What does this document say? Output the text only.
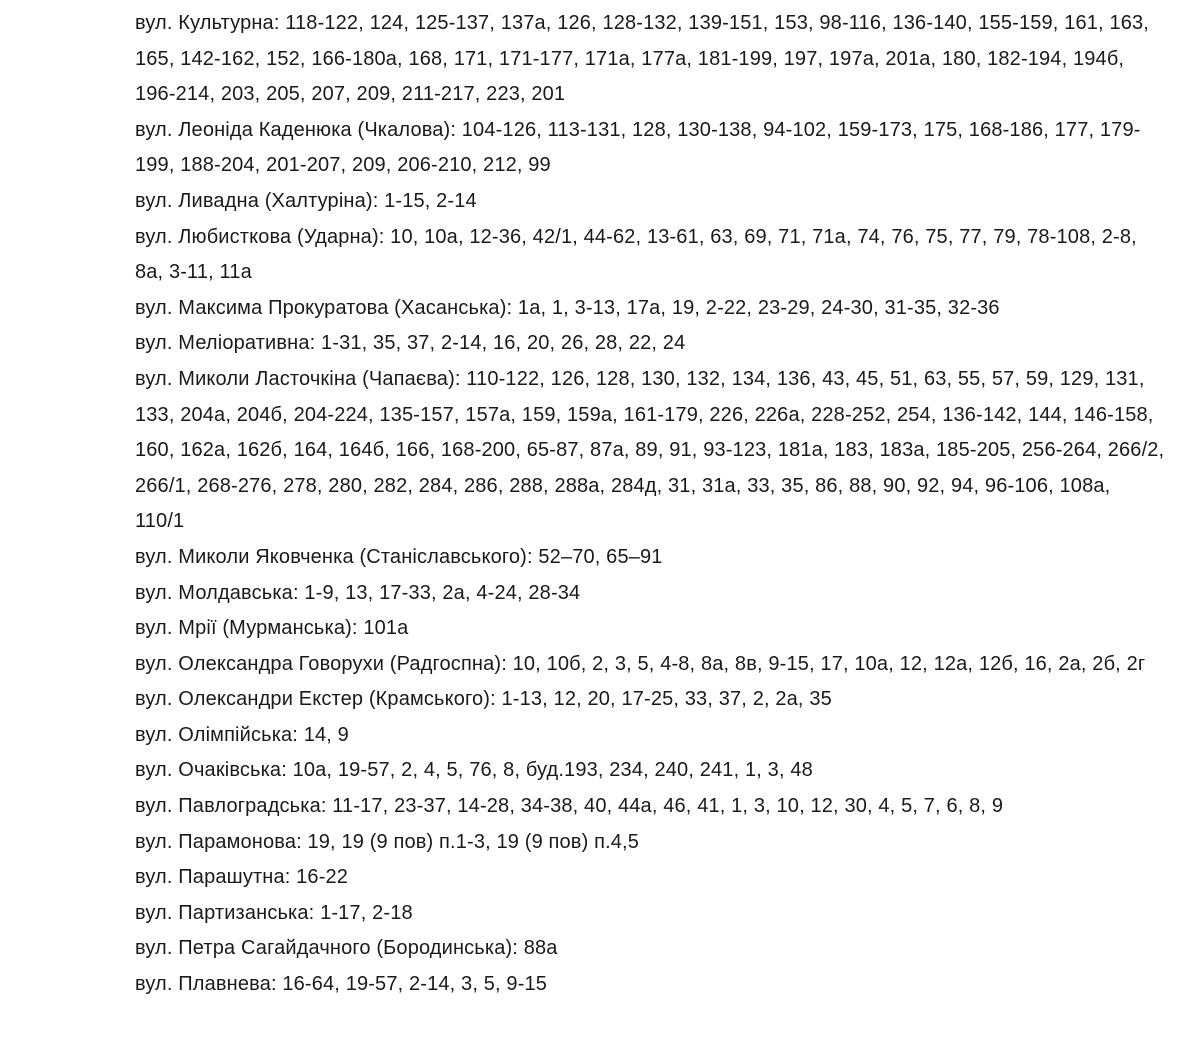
вул. Культурна: 118-122, 124, 125-137, 137а, 126, 128-132, 139-151, 153, 98-116, 136-140, 155-159, 161, 163, 165, 142-162, 152, 166-180а, 168, 171, 171-177, 171а, 177а, 181-199, 197, 197а, 201а, 180, 182-194, 194б, 196-214, 203, 205, 207, 209, 211-217, 223, 201
вул. Леоніда Каденюка (Чкалова): 104-126, 113-131, 128, 130-138, 94-102, 159-173, 175, 168-186, 177, 179-199, 188-204, 201-207, 209, 206-210, 212, 99
вул. Ливадна (Халтуріна): 1-15, 2-14
вул. Любисткова (Ударна): 10, 10а, 12-36, 42/1, 44-62, 13-61, 63, 69, 71, 71а, 74, 76, 75, 77, 79, 78-108, 2-8, 8а, 3-11, 11а
вул. Максима Прокуратова (Хасанська): 1а, 1, 3-13, 17а, 19, 2-22, 23-29, 24-30, 31-35, 32-36
вул. Меліоративна: 1-31, 35, 37, 2-14, 16, 20, 26, 28, 22, 24
вул. Миколи Ласточкіна (Чапаєва): 110-122, 126, 128, 130, 132, 134, 136, 43, 45, 51, 63, 55, 57, 59, 129, 131, 133, 204а, 204б, 204-224, 135-157, 157а, 159, 159а, 161-179, 226, 226а, 228-252, 254, 136-142, 144, 146-158, 160, 162а, 162б, 164, 164б, 166, 168-200, 65-87, 87а, 89, 91, 93-123, 181а, 183, 183а, 185-205, 256-264, 266/2, 266/1, 268-276, 278, 280, 282, 284, 286, 288, 288а, 284д, 31, 31а, 33, 35, 86, 88, 90, 92, 94, 96-106, 108а, 110/1
вул. Миколи Яковченка (Станіславського): 52–70, 65–91
вул. Молдавська: 1-9, 13, 17-33, 2а, 4-24, 28-34
вул. Мрії (Мурманська): 101а
вул. Олександра Говорухи (Радгоспна): 10, 10б, 2, 3, 5, 4-8, 8а, 8в, 9-15, 17, 10а, 12, 12а, 12б, 16, 2а, 2б, 2г
вул. Олександри Екстер (Крамського): 1-13, 12, 20, 17-25, 33, 37, 2, 2а, 35
вул. Олімпійська: 14, 9
вул. Очаківська: 10а, 19-57, 2, 4, 5, 76, 8, буд.193, 234, 240, 241, 1, 3, 48
вул. Павлоградська: 11-17, 23-37, 14-28, 34-38, 40, 44а, 46, 41, 1, 3, 10, 12, 30, 4, 5, 7, 6, 8, 9
вул. Парамонова: 19, 19 (9 пов) п.1-3, 19 (9 пов) п.4,5
вул. Парашутна: 16-22
вул. Партизанська: 1-17, 2-18
вул. Петра Сагайдачного (Бородинська): 88а
вул. Плавнева: 16-64, 19-57, 2-14, 3, 5, 9-15
